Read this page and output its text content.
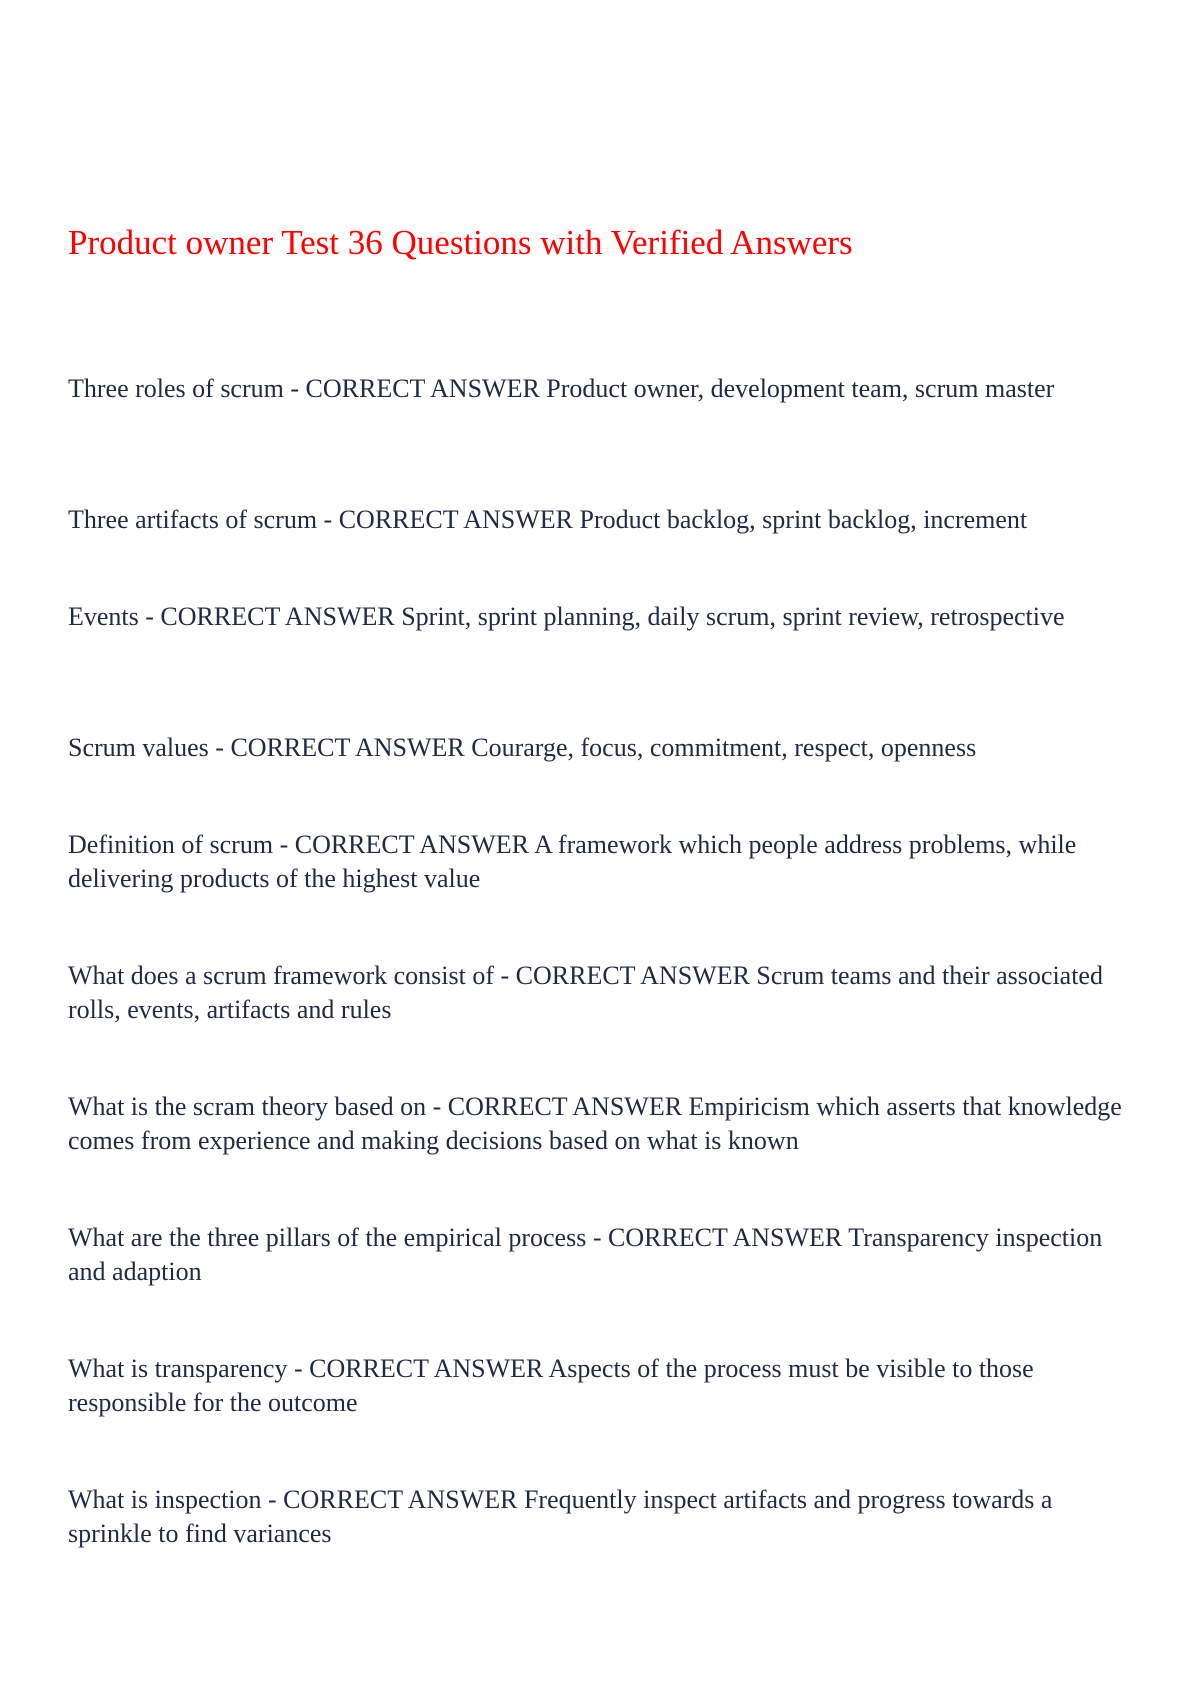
Product owner Test 36 Questions with Verified Answers

Three roles of scrum - CORRECT ANSWER Product owner, development team, scrum master

Three artifacts of scrum - CORRECT ANSWER Product backlog, sprint backlog, increment

Events - CORRECT ANSWER Sprint, sprint planning, daily scrum, sprint review, retrospective

Scrum values - CORRECT ANSWER Courarge, focus, commitment, respect, openness

Definition of scrum - CORRECT ANSWER A framework which people address problems, while delivering products of the highest value

What does a scrum framework consist of - CORRECT ANSWER Scrum teams and their associated rolls, events, artifacts and rules

What is the scram theory based on - CORRECT ANSWER Empiricism which asserts that knowledge comes from experience and making decisions based on what is known

What are the three pillars of the empirical process - CORRECT ANSWER Transparency inspection and adaption

What is transparency - CORRECT ANSWER Aspects of the process must be visible to those responsible for the outcome

What is inspection - CORRECT ANSWER Frequently inspect artifacts and progress towards a sprinkle to find variances
